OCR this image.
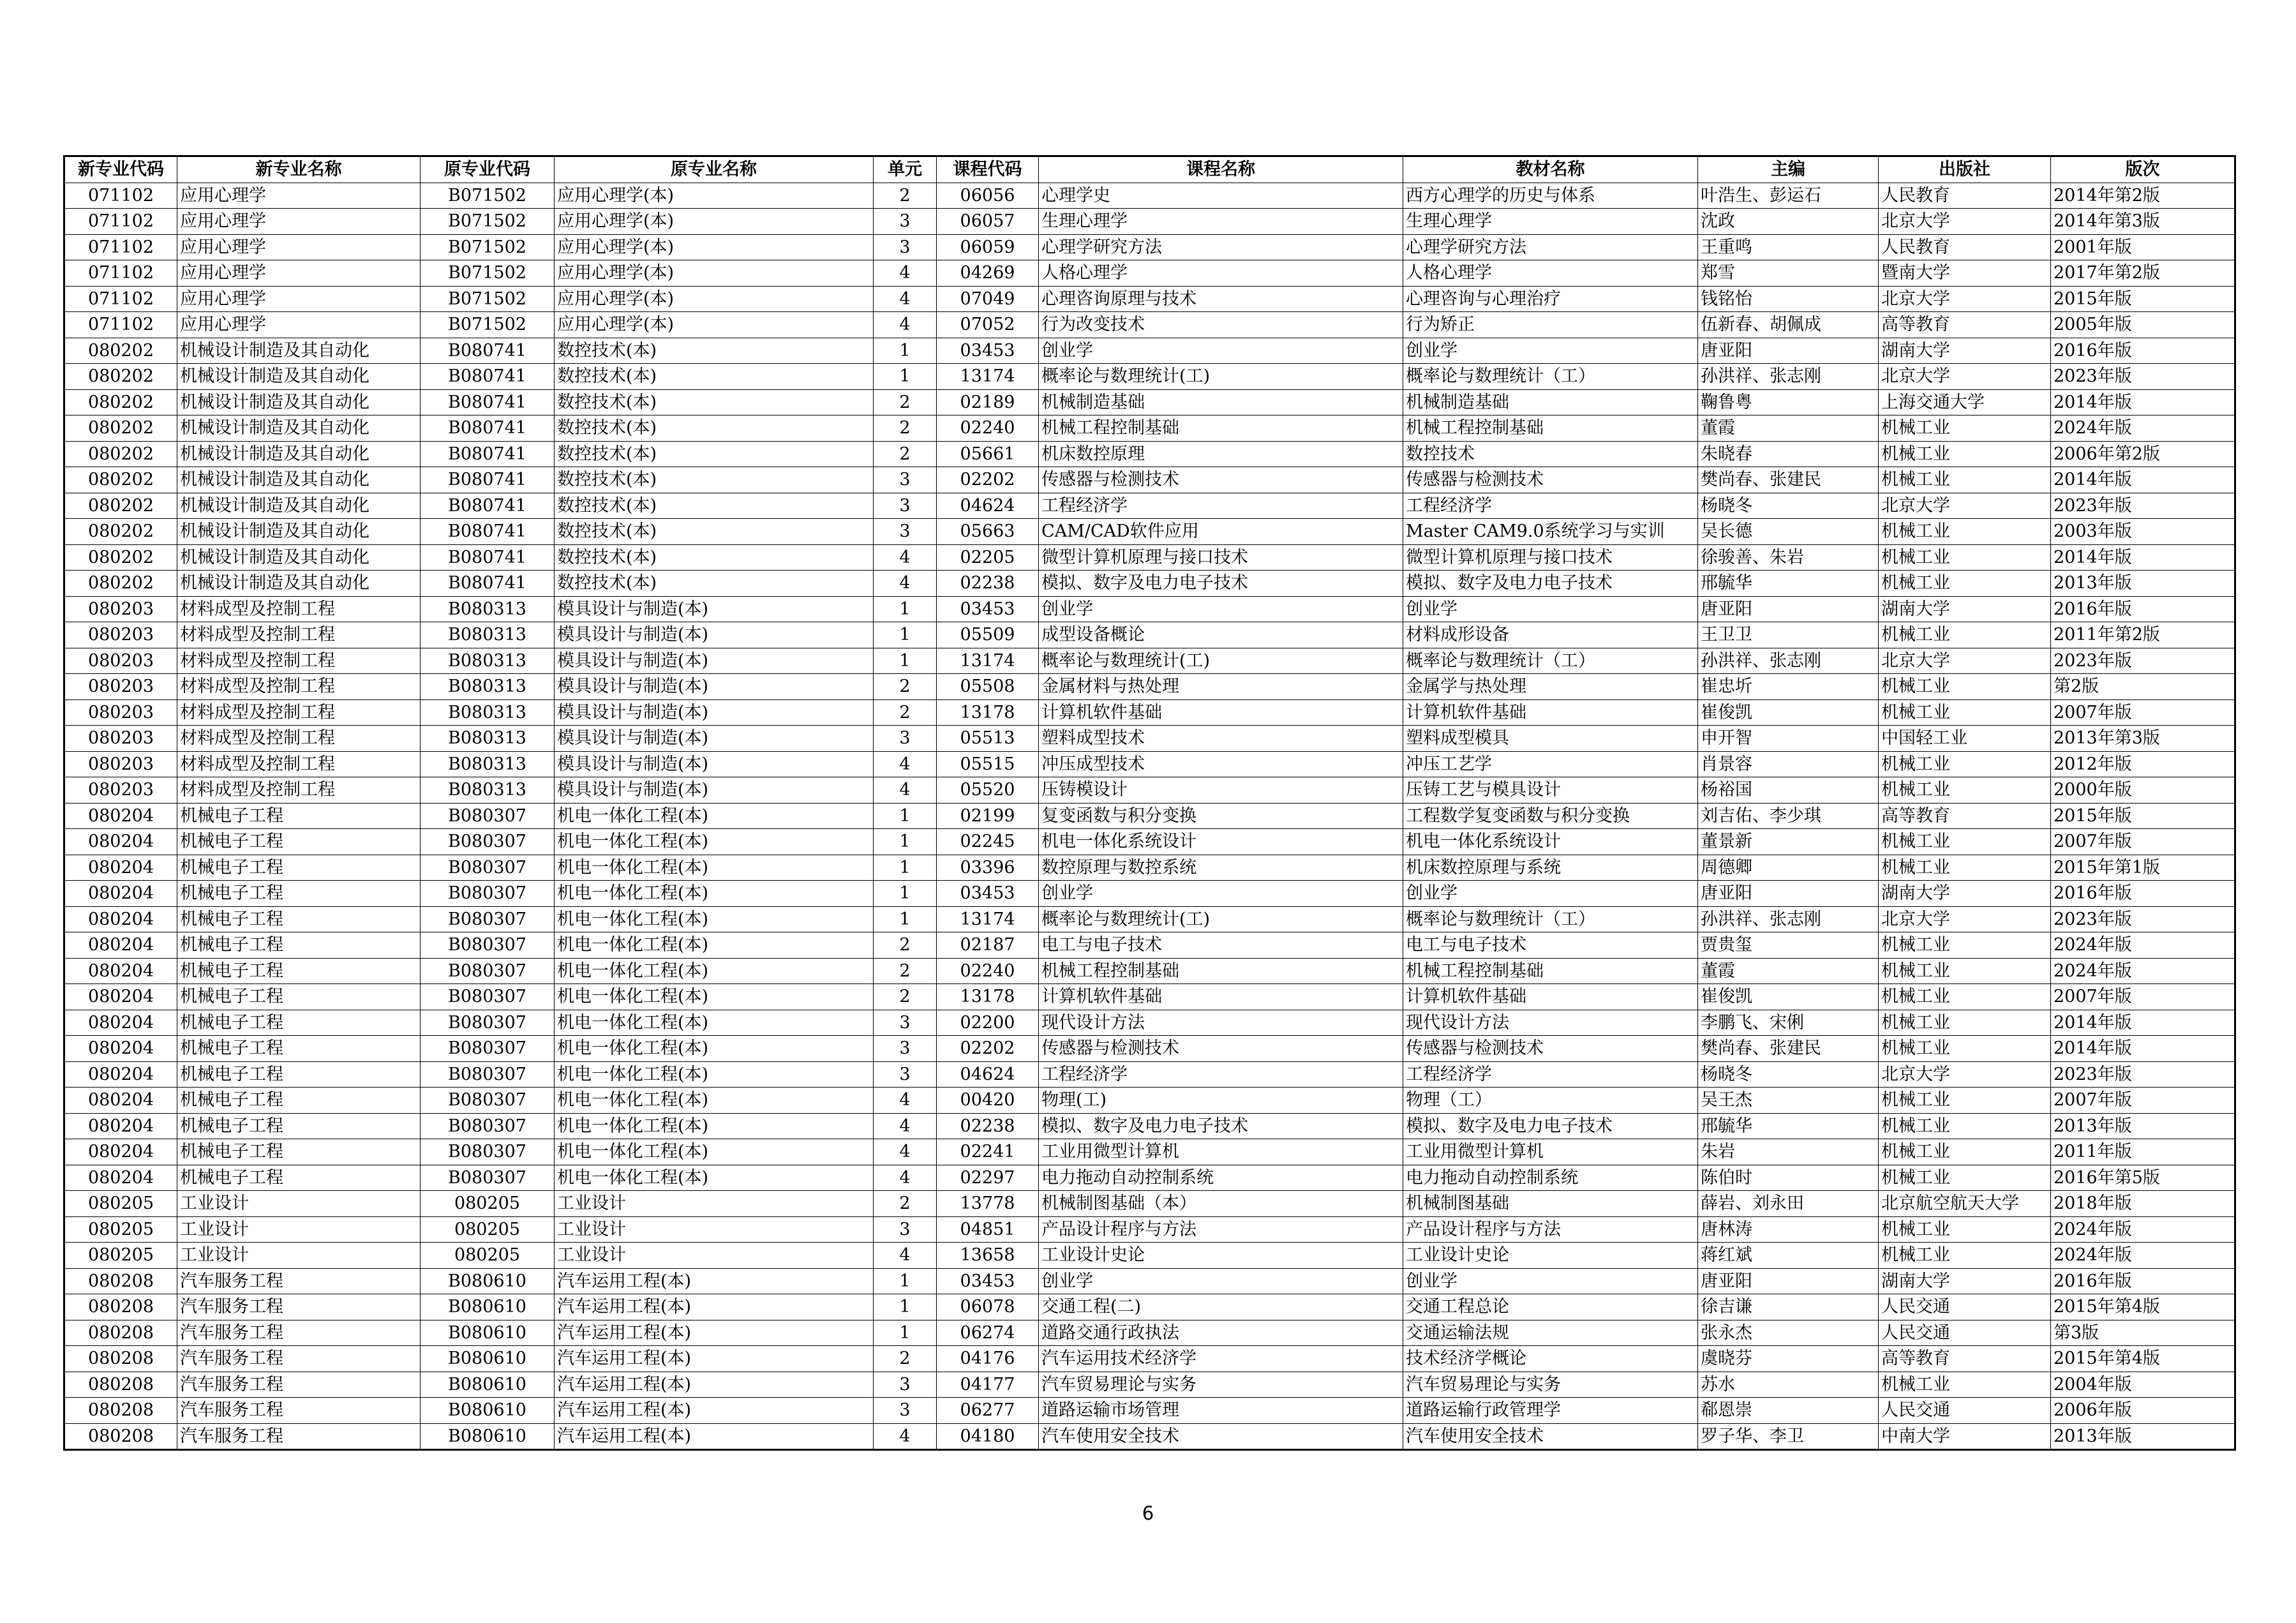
新专业代码	新专业名称	原专业代码	原专业名称	单元	课程代码	课程名称	教材名称	主编	出版社	版次
071102	应用心理学	B071502	应用心理学(本)	2	06056	心理学史	西方心理学的历史与体系	叶浩生、彭运石	人民教育	2014年第2版
071102	应用心理学	B071502	应用心理学(本)	3	06057	生理心理学	生理心理学	沈政	北京大学	2014年第3版
071102	应用心理学	B071502	应用心理学(本)	3	06059	心理学研究方法	心理学研究方法	王重鸣	人民教育	2001年版
071102	应用心理学	B071502	应用心理学(本)	4	04269	人格心理学	人格心理学	郑雪	暨南大学	2017年第2版
071102	应用心理学	B071502	应用心理学(本)	4	07049	心理咨询原理与技术	心理咨询与心理治疗	钱铭怡	北京大学	2015年版
071102	应用心理学	B071502	应用心理学(本)	4	07052	行为改变技术	行为矫正	伍新春、胡佩成	高等教育	2005年版
080202	机械设计制造及其自动化	B080741	数控技术(本)	1	03453	创业学	创业学	唐亚阳	湖南大学	2016年版
080202	机械设计制造及其自动化	B080741	数控技术(本)	1	13174	概率论与数理统计(工)	概率论与数理统计（工）	孙洪祥、张志刚	北京大学	2023年版
080202	机械设计制造及其自动化	B080741	数控技术(本)	2	02189	机械制造基础	机械制造基础	鞠鲁粤	上海交通大学	2014年版
080202	机械设计制造及其自动化	B080741	数控技术(本)	2	02240	机械工程控制基础	机械工程控制基础	董霞	机械工业	2024年版
080202	机械设计制造及其自动化	B080741	数控技术(本)	2	05661	机床数控原理	数控技术	朱晓春	机械工业	2006年第2版
080202	机械设计制造及其自动化	B080741	数控技术(本)	3	02202	传感器与检测技术	传感器与检测技术	樊尚春、张建民	机械工业	2014年版
080202	机械设计制造及其自动化	B080741	数控技术(本)	3	04624	工程经济学	工程经济学	杨晓冬	北京大学	2023年版
080202	机械设计制造及其自动化	B080741	数控技术(本)	3	05663	CAM/CAD软件应用	Master CAM9.0系统学习与实训	吴长德	机械工业	2003年版
080202	机械设计制造及其自动化	B080741	数控技术(本)	4	02205	微型计算机原理与接口技术	微型计算机原理与接口技术	徐骏善、朱岩	机械工业	2014年版
080202	机械设计制造及其自动化	B080741	数控技术(本)	4	02238	模拟、数字及电力电子技术	模拟、数字及电力电子技术	邢毓华	机械工业	2013年版
080203	材料成型及控制工程	B080313	模具设计与制造(本)	1	03453	创业学	创业学	唐亚阳	湖南大学	2016年版
080203	材料成型及控制工程	B080313	模具设计与制造(本)	1	05509	成型设备概论	材料成形设备	王卫卫	机械工业	2011年第2版
080203	材料成型及控制工程	B080313	模具设计与制造(本)	1	13174	概率论与数理统计(工)	概率论与数理统计（工）	孙洪祥、张志刚	北京大学	2023年版
080203	材料成型及控制工程	B080313	模具设计与制造(本)	2	05508	金属材料与热处理	金属学与热处理	崔忠圻	机械工业	第2版
080203	材料成型及控制工程	B080313	模具设计与制造(本)	2	13178	计算机软件基础	计算机软件基础	崔俊凯	机械工业	2007年版
080203	材料成型及控制工程	B080313	模具设计与制造(本)	3	05513	塑料成型技术	塑料成型模具	申开智	中国轻工业	2013年第3版
080203	材料成型及控制工程	B080313	模具设计与制造(本)	4	05515	冲压成型技术	冲压工艺学	肖景容	机械工业	2012年版
080203	材料成型及控制工程	B080313	模具设计与制造(本)	4	05520	压铸模设计	压铸工艺与模具设计	杨裕国	机械工业	2000年版
080204	机械电子工程	B080307	机电一体化工程(本)	1	02199	复变函数与积分变换	工程数学复变函数与积分变换	刘吉佑、李少琪	高等教育	2015年版
080204	机械电子工程	B080307	机电一体化工程(本)	1	02245	机电一体化系统设计	机电一体化系统设计	董景新	机械工业	2007年版
080204	机械电子工程	B080307	机电一体化工程(本)	1	03396	数控原理与数控系统	机床数控原理与系统	周德卿	机械工业	2015年第1版
080204	机械电子工程	B080307	机电一体化工程(本)	1	03453	创业学	创业学	唐亚阳	湖南大学	2016年版
080204	机械电子工程	B080307	机电一体化工程(本)	1	13174	概率论与数理统计(工)	概率论与数理统计（工）	孙洪祥、张志刚	北京大学	2023年版
080204	机械电子工程	B080307	机电一体化工程(本)	2	02187	电工与电子技术	电工与电子技术	贾贵玺	机械工业	2024年版
080204	机械电子工程	B080307	机电一体化工程(本)	2	02240	机械工程控制基础	机械工程控制基础	董霞	机械工业	2024年版
080204	机械电子工程	B080307	机电一体化工程(本)	2	13178	计算机软件基础	计算机软件基础	崔俊凯	机械工业	2007年版
080204	机械电子工程	B080307	机电一体化工程(本)	3	02200	现代设计方法	现代设计方法	李鹏飞、宋俐	机械工业	2014年版
080204	机械电子工程	B080307	机电一体化工程(本)	3	02202	传感器与检测技术	传感器与检测技术	樊尚春、张建民	机械工业	2014年版
080204	机械电子工程	B080307	机电一体化工程(本)	3	04624	工程经济学	工程经济学	杨晓冬	北京大学	2023年版
080204	机械电子工程	B080307	机电一体化工程(本)	4	00420	物理(工)	物理（工）	吴王杰	机械工业	2007年版
080204	机械电子工程	B080307	机电一体化工程(本)	4	02238	模拟、数字及电力电子技术	模拟、数字及电力电子技术	邢毓华	机械工业	2013年版
080204	机械电子工程	B080307	机电一体化工程(本)	4	02241	工业用微型计算机	工业用微型计算机	朱岩	机械工业	2011年版
080204	机械电子工程	B080307	机电一体化工程(本)	4	02297	电力拖动自动控制系统	电力拖动自动控制系统	陈伯时	机械工业	2016年第5版
080205	工业设计	080205	工业设计	2	13778	机械制图基础（本）	机械制图基础	薛岩、刘永田	北京航空航天大学	2018年版
080205	工业设计	080205	工业设计	3	04851	产品设计程序与方法	产品设计程序与方法	唐林涛	机械工业	2024年版
080205	工业设计	080205	工业设计	4	13658	工业设计史论	工业设计史论	蒋红斌	机械工业	2024年版
080208	汽车服务工程	B080610	汽车运用工程(本)	1	03453	创业学	创业学	唐亚阳	湖南大学	2016年版
080208	汽车服务工程	B080610	汽车运用工程(本)	1	06078	交通工程(二)	交通工程总论	徐吉谦	人民交通	2015年第4版
080208	汽车服务工程	B080610	汽车运用工程(本)	1	06274	道路交通行政执法	交通运输法规	张永杰	人民交通	第3版
080208	汽车服务工程	B080610	汽车运用工程(本)	2	04176	汽车运用技术经济学	技术经济学概论	虞晓芬	高等教育	2015年第4版
080208	汽车服务工程	B080610	汽车运用工程(本)	3	04177	汽车贸易理论与实务	汽车贸易理论与实务	苏水	机械工业	2004年版
080208	汽车服务工程	B080610	汽车运用工程(本)	3	06277	道路运输市场管理	道路运输行政管理学	郗恩崇	人民交通	2006年版
080208	汽车服务工程	B080610	汽车运用工程(本)	4	04180	汽车使用安全技术	汽车使用安全技术	罗子华、李卫	中南大学	2013年版
6
